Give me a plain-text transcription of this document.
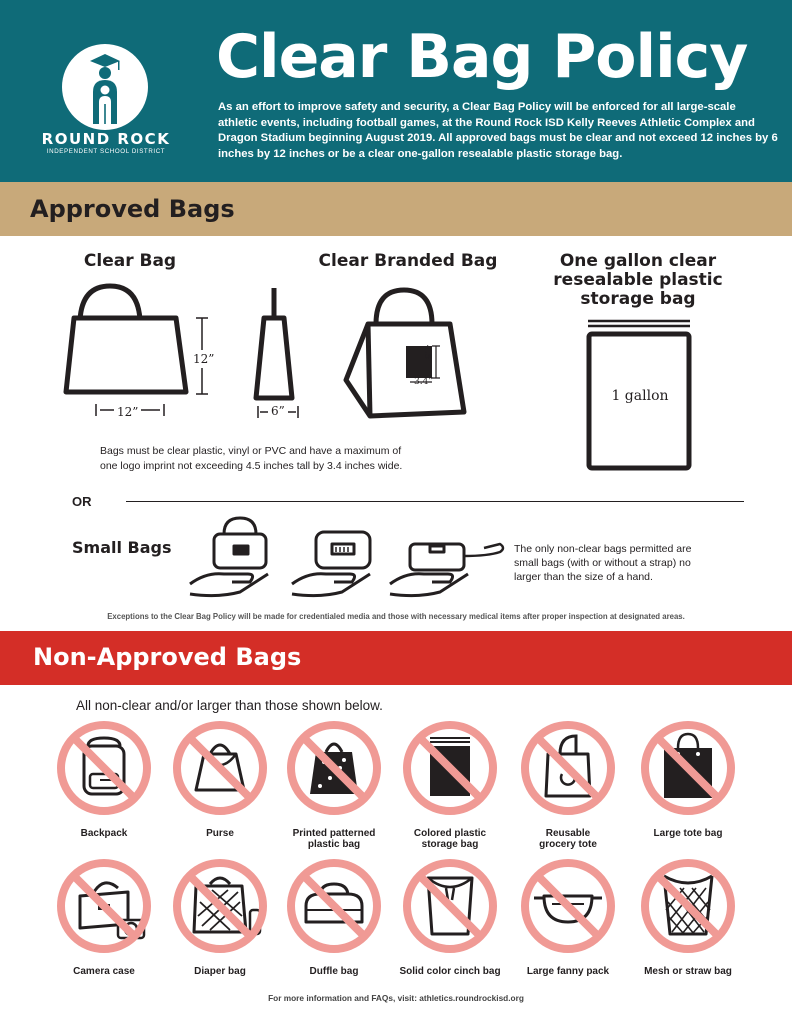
ROUND ROCK
INDEPENDENT SCHOOL DISTRICT
Clear Bag Policy
As an effort to improve safety and security, a Clear Bag Policy will be enforced for all large-scale athletic events, including football games, at the Round Rock ISD Kelly Reeves Athletic Complex and Dragon Stadium beginning August 2019. All approved bags must be clear and not exceed 12 inches by 6 inches by 12 inches or be a clear one-gallon resealable plastic storage bag.
Approved Bags
Clear Bag	Clear Branded Bag	One gallon clear
resealable plastic
storage bag
12”
12”
6”
4.5”
3.4”
1 gallon
Bags must be clear plastic, vinyl or PVC and have a maximum of
one logo imprint not exceeding 4.5 inches tall by 3.4 inches wide.
OR
Small Bags	The only non-clear bags permitted are
small bags (with or without a strap) no
larger than the size of a hand.
Exceptions to the Clear Bag Policy will be made for credentialed media and those with necessary medical items after proper inspection at designated areas.
Non-Approved Bags
All non-clear and/or larger than those shown below.
Backpack	Purse	Printed patterned
plastic bag
Colored plastic
storage bag
Reusable
grocery tote
Large tote bag
Camera case	Diaper bag	Duffle bag	Solid color cinch bag	Large fanny pack	Mesh or straw bag
For more information and FAQs, visit: athletics.roundrockisd.org
